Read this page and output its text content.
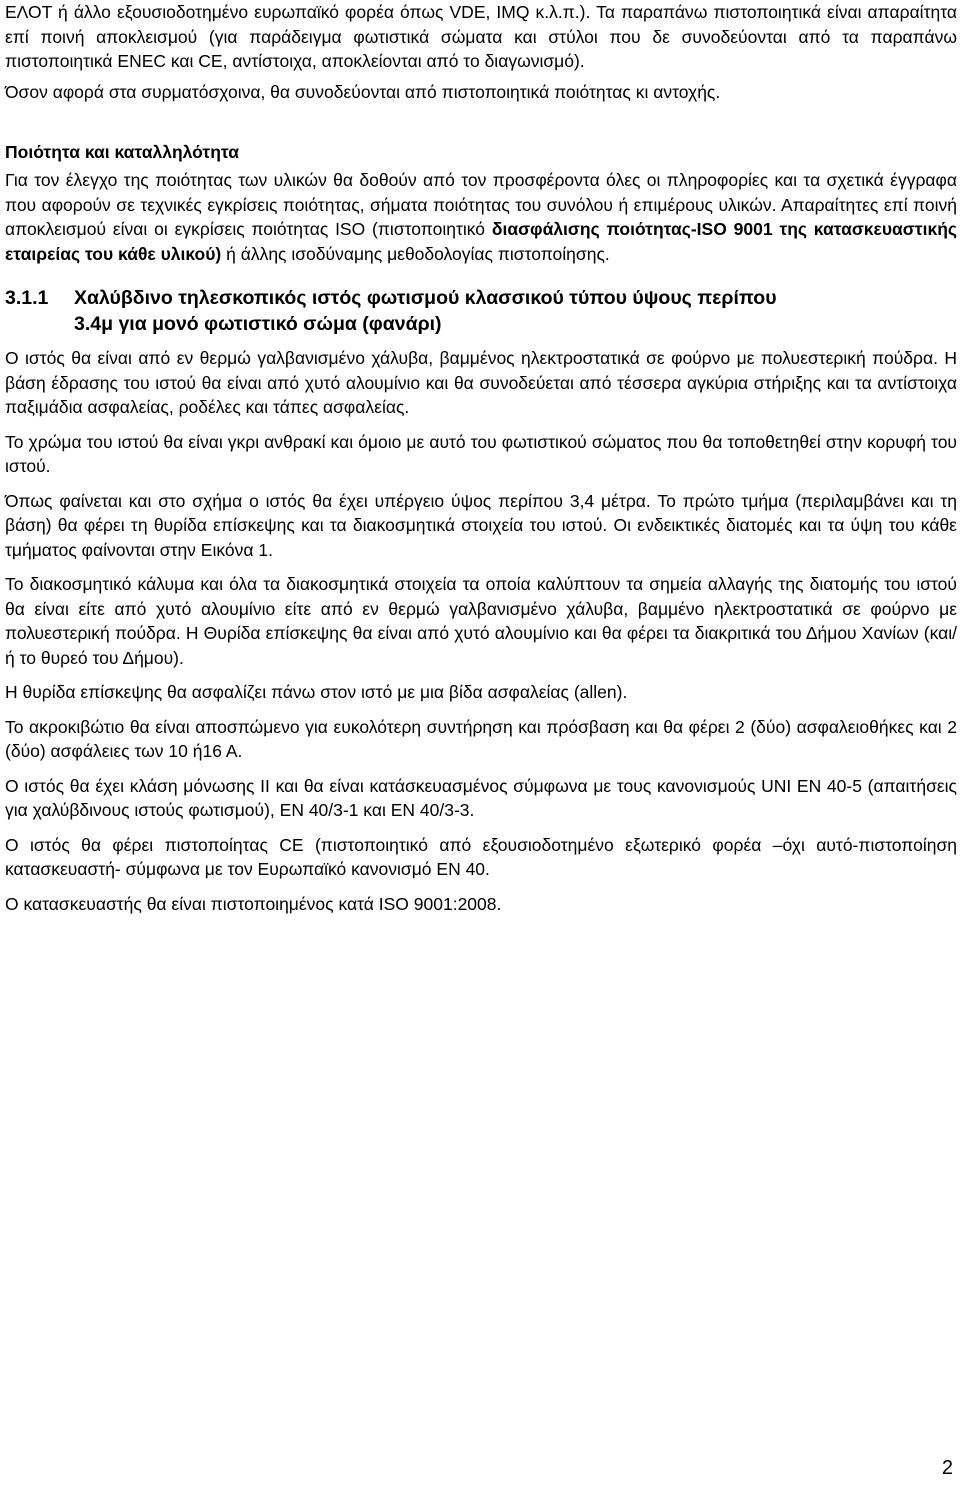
ΕΛΟΤ ή άλλο εξουσιοδοτημένο ευρωπαϊκό φορέα όπως VDE, IMQ κ.λ.π.). Τα παραπάνω πιστοποιητικά είναι απαραίτητα επί ποινή αποκλεισμού (για παράδειγμα φωτιστικά σώματα και στύλοι που δε συνοδεύονται από τα παραπάνω πιστοποιητικά ENEC και CE, αντίστοιχα, αποκλείονται από το διαγωνισμό).

Όσον αφορά στα συρματόσχοινα, θα συνοδεύονται από πιστοποιητικά ποιότητας κι αντοχής.

Ποιότητα και καταλληλότητα

Για τον έλεγχο της ποιότητας των υλικών θα δοθούν από τον προσφέροντα όλες οι πληροφορίες και τα σχετικά έγγραφα που αφορούν σε τεχνικές εγκρίσεις ποιότητας, σήματα ποιότητας του συνόλου ή επιμέρους υλικών. Απαραίτητες επί ποινή αποκλεισμού είναι οι εγκρίσεις ποιότητας ISO (πιστοποιητικό διασφάλισης ποιότητας-ISO 9001 της κατασκευαστικής εταιρείας του κάθε υλικού) ή άλλης ισοδύναμης μεθοδολογίας πιστοποίησης.

3.1.1	Χαλύβδινο τηλεσκοπικός ιστός φωτισμού κλασσικού τύπου ύψους περίπου
3.4μ για μονό φωτιστικό σώμα (φανάρι)

Ο ιστός θα είναι από εν θερμώ γαλβανισμένο χάλυβα, βαμμένος ηλεκτροστατικά σε φούρνο με πολυεστερική πούδρα. Η βάση έδρασης του ιστού θα είναι από χυτό αλουμίνιο και θα συνοδεύεται από τέσσερα αγκύρια στήριξης και τα αντίστοιχα παξιμάδια ασφαλείας, ροδέλες και τάπες ασφαλείας.

Το χρώμα του ιστού θα είναι γκρι ανθρακί και όμοιο με αυτό του φωτιστικού σώματος που θα τοποθετηθεί στην κορυφή του ιστού.

Όπως φαίνεται και στο σχήμα ο ιστός θα έχει υπέργειο ύψος περίπου 3,4 μέτρα. Το πρώτο τμήμα (περιλαμβάνει και τη βάση) θα φέρει τη θυρίδα επίσκεψης και τα διακοσμητικά στοιχεία του ιστού. Οι ενδεικτικές διατομές και τα ύψη του κάθε τμήματος φαίνονται στην Εικόνα 1.

Το διακοσμητικό κάλυμα και όλα τα διακοσμητικά στοιχεία τα οποία καλύπτουν τα σημεία αλλαγής της διατομής του ιστού θα είναι είτε από χυτό αλουμίνιο είτε από εν θερμώ γαλβανισμένο χάλυβα, βαμμένο ηλεκτροστατικά σε φούρνο με πολυεστερική πούδρα. Η Θυρίδα επίσκεψης θα είναι από χυτό αλουμίνιο και θα φέρει τα διακριτικά του Δήμου Χανίων (και/ή το θυρεό του Δήμου).

Η θυρίδα επίσκεψης θα ασφαλίζει πάνω στον ιστό με μια βίδα ασφαλείας (allen).

Το ακροκιβώτιο θα είναι αποσπώμενο για ευκολότερη συντήρηση και πρόσβαση και θα φέρει 2 (δύο) ασφαλειοθήκες και 2 (δύο) ασφάλειες των 10 ή16 Α.

Ο ιστός θα έχει κλάση μόνωσης ΙΙ και θα είναι κατάσκευασμένος σύμφωνα με τους κανονισμούς UNI EN 40-5 (απαιτήσεις για χαλύβδινους ιστούς φωτισμού), EN 40/3-1 και EN 40/3-3.

Ο ιστός θα φέρει πιστοποίητας CE (πιστοποιητικό από εξουσιοδοτημένο εξωτερικό φορέα –όχι αυτό-πιστοποίηση κατασκευαστή- σύμφωνα με τον Ευρωπαϊκό κανονισμό EN 40.

Ο κατασκευαστής θα είναι πιστοποιημένος κατά ISO 9001:2008.

2
